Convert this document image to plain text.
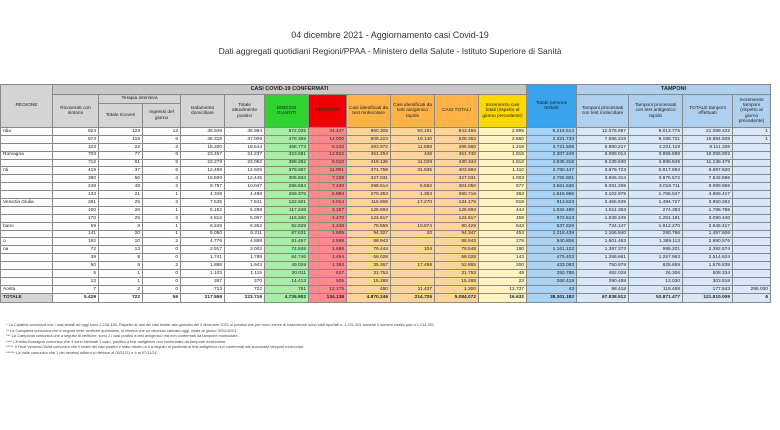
04 dicembre 2021 - Aggiornamento casi Covid-19
Dati aggregati quotidiani Regioni/PPAA - Ministero della Salute - Istituto Superiore di Sanità
REGIONE	CASI COVID-19 CONFERMATI											Totale persone testate	TAMPONI			
	Ricoverati con sintomi	Terapia intensiva		Isolamento domiciliare	Totale attualmente positivi	DIMESSI GUARITI	DECEDUTI	Casi identificati da test molecolare	Casi identificati da test antigenico rapido	CASI TOTALI	Incremento casi totali (rispetto al giorno precedente)		Tamponi processati con test molecolare	Tamponi processati con test antigenico rapido	TOTALE tamponi effettuati	Incremento tamponi (rispetto al giorno precedente)
		Totale ricoveri	Ingressi del giorno													
rdia	924	123	12	35.949	36.994	872.025	34.447	860.305	83.161	943.466	2.995	6.216.514	12.075.657	9.013.775	21.089.432	1
	573	118	6	36.318	37.009	479.359	12.000	509.223	19.140	528.363	2.560	2.321.733	7.696.218	9.198.721	16.894.939	1
	323	22	2	18.200	18.544	468.773	8.243	483.972	11.588	495.560	1.218	3.721.508	5.890.217	2.221.119	8.111.336	
Romagna	703	77	6	23.457	24.237	423.681	13.822	461.294	446	461.740	1.816	2.207.249	6.099.014	3.956.888	10.055.902	
	712	61	5	22.279	23.052	398.252	8.010	419.135	11.029	430.344	1.812	4.945.315	6.139.630	4.998.849	11.138.479	
nti	419	37	6	12.469	12.925	378.867	11.901	371.758	31.935	403.693	1.110	2.780.447	3.879.723	5.817.893	9.697.620	
	380	50	4	15.500	12.445	306.934	7.228	327.031		327.031	1.003	2.765.901	3.506.314	3.975.572	7.542.886	
	248	49	2	9.797	10.047	286.584	7.420	298.514	5.562	304.050	677	3.561.636	5.081.255	3.018.711	8.099.966	
	133	21	1	4.348	4.498	269.376	6.894	279.353	1.363	280.716	363	1.615.966	3.102.875	1.765.047	4.868.417	
Venezia Giulia	281	25	3	7.535	7.841	122.921	4.014	116.906	17.270	134.176	819	913.823	2.455.535	1.494.727	3.950.262	
	100	26	1	5.162	5.288	117.248	3.157	125.693		125.693	444	1.032.489	1.511.363	274.383	1.785.765	
	170	25	2	4.812	5.007	115.340	4.470	124.617		124.617	459	972.613	1.839.249	1.251.191	3.090.440	
bano	69	8	1	6.248	6.352	82.829	1.248	79.555	10.874	90.429	543	537.829	734.147	1.912.270	2.646.417	
	141	20	1	5.050	5.211	87.631	1.505	94.327	20	94.347	454	1.218.439	1.166.840	290.766	1.457.606	
o	192	10	2	4.776	4.888	81.457	2.598	88.943		88.943	279	940.806	1.601.463	1.389.113	2.990.576	
na	72	13	0	2.917	3.002	74.848	1.688	79.444	104	79.548	180	1.161.122	1.397.373	995.201	2.392.574	
	39	8	0	1.741	1.788	64.746	1.494	68.028		68.028	143	475.403	1.256.661	1.257.963	2.514.624	
	50	8	2	1.886	1.944	49.029	1.393	35.367	17.498	52.865	200	433.093	750.978	825.859	1.576.838	
	5	1	0	1.103	1.115	30.011	627	31.753		31.753	49	250.788	482.028	26.306	508.334	
	12	1	0	357	370	14.413	505	15.288		15.288	23	268.419	290.488	13.030	303.518	
Aosta	7	2	0	713	722	761	12.175	480	11.437	1.300	12.737	43	98.418	118.488	177.543	296.030
TOTALE	5.429	722	59	217.558	223.719	4.726.902	134.138	4.870.246	214.726	5.084.072	16.632	38.301.182	67.838.512	53.871.477	121.810.009	6
* La Calabria comunica che i casi testati ad oggi sono 1.218.435. Rispetto ai dati del casi testati alla giornata del 3 dicembre 2021 si precisa che per mero errore di trascrizione sono stati riportati n. 1.221.391 anziché il numero esatto pari a 1.214.391.
** La Campania comunica che a seguito delle verifiche quotidiane, si elimina che un decesso caricato oggi, risale al giorno 30/11/2021.
*** La Campania comunica che a seguito di verifiche, sono 2 i casi positivi a test antigenico ma non confermati da tampone molecolare.
**** L'Emilia-Romagna comunica che 4 sono eliminati 1 caso, positivo a test antigenico non confermato da tampone molecolare.
***** Il Friuli Venezia Giulia comunica che il totale dei casi positivi è stato ridotto di 4 a seguito di positività al test antigenico non confermati dai successivi tamponi molecolari.
****** La Valle comunica che 1 dei decessi odierni si riferisce al 05/11/21 e 4 al 07/11/21.
